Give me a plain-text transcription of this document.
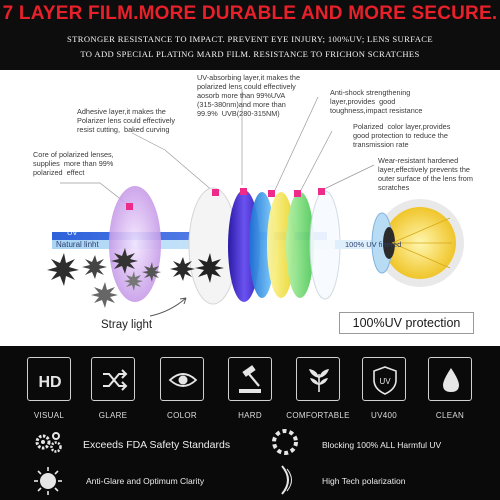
7 LAYER FILM.MORE DURABLE AND MORE SECURE.
STRONGER RESISTANCE TO IMPACT. PREVENT EYE INJURY; 100%UV; LENS SURFACE
TO ADD SPECIAL PLATING MARD FILM. RESISTANCE TO FRICHON SCRATCHES
Core of polarized lenses,
supplies  more than 99%
polarized  effect
Adhesive layer,it makes the
Polarizer lens could effectively
resist cutting,  baked curving
UV-absorbing layer,it makes the
polarized lens could effectively
aosorb more than 99%UVA
(315-380nm)and more than
99.9%  UVB(280-315NM)
Anti-shock strengthening
layer,provides  good
toughness,impact resistance
Polarized  color layer,provides
good protection to reduce the
transmission rate
Wear-resistant hardened
layer,effectively prevents the
outer surface of the lens from
scratches
UV
Natural linht	100% UV filtered
Stray light	100%UV protection
HD	UV
VISUAL	GLARE	COLOR	HARD	COMFORTABLE	UV400	CLEAN
Exceeds FDA Safety Standards	Blocking 100% ALL Harmful UV
Anti-Glare and Optimum Clarity	High Tech polarization
